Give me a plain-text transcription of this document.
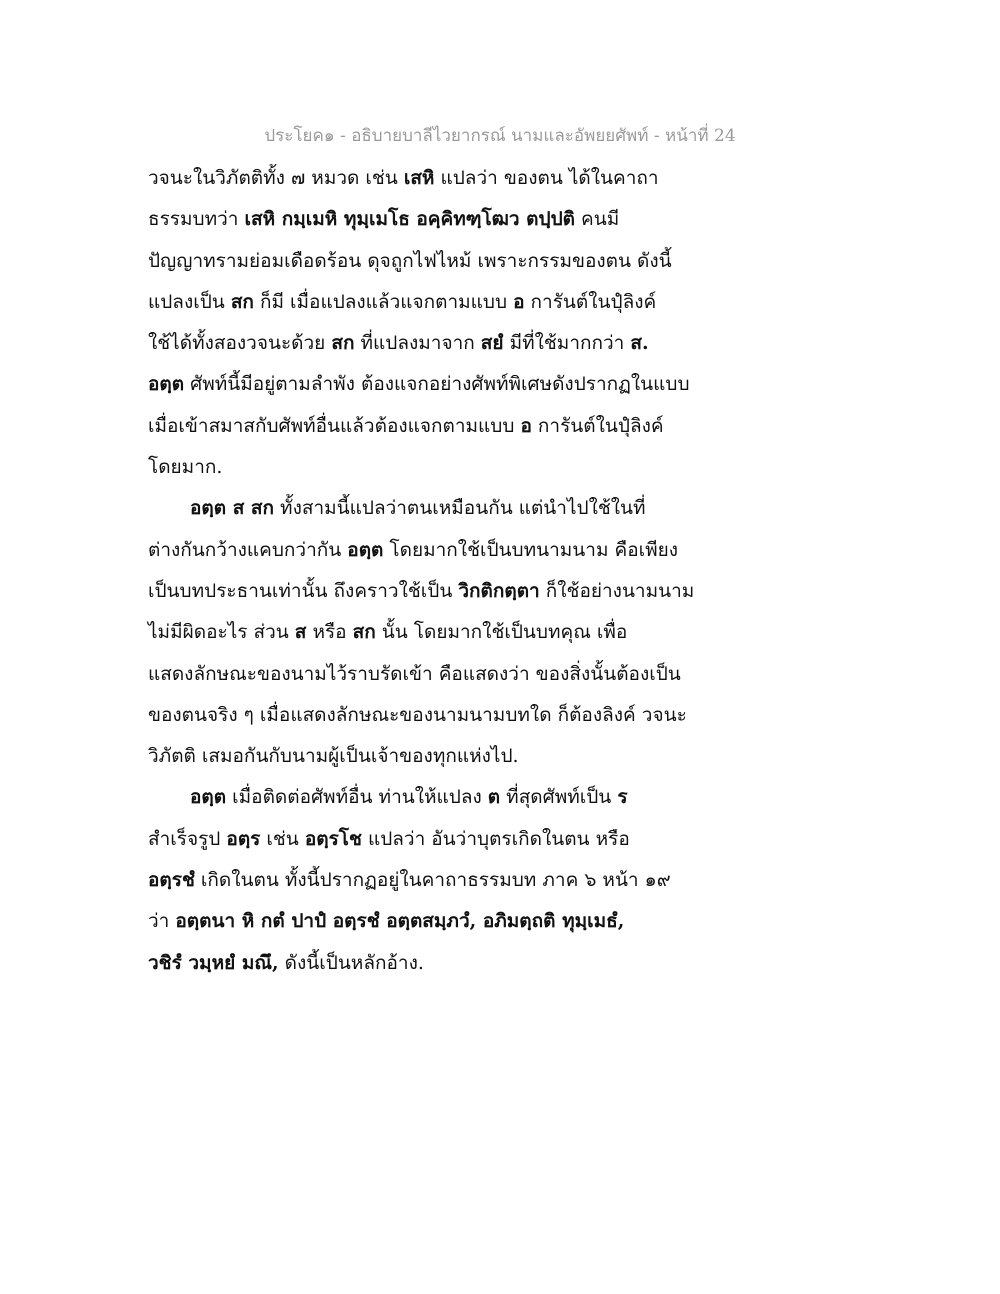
ประโยค๑ - อธิบายบาลีไวยากรณ์ นามและอัพยยศัพท์ - หน้าที่ 24
วจนะในวิภัตติทั้ง ๗ หมวด เช่น เสหิ แปลว่า ของตน ได้ในคาถา
ธรรมบทว่า เสหิ กมฺเมหิ ทุมฺเมโธ อคฺคิทฑฺโฒว ตปฺปติ คนมี
ปัญญาทรามย่อมเดือดร้อน ดุจถูกไฟไหม้ เพราะกรรมของตน ดังนี้
แปลงเป็น สก ก็มี เมื่อแปลงแล้วแจกตามแบบ อ การันต์ในปุํลิงค์
ใช้ได้ทั้งสองวจนะด้วย สก ที่แปลงมาจาก สยํ มีที่ใช้มากกว่า ส.
อตฺต ศัพท์นี้มีอยู่ตามลำพัง ต้องแจกอย่างศัพท์พิเศษดังปรากฏในแบบ
เมื่อเข้าสมาสกับศัพท์อื่นแล้วต้องแจกตามแบบ อ การันต์ในปุํลิงค์
โดยมาก.
อตฺต ส สก ทั้งสามนี้แปลว่าตนเหมือนกัน แต่นำไปใช้ในที่
ต่างกันกว้างแคบกว่ากัน อตฺต โดยมากใช้เป็นบทนามนาม คือเพียง
เป็นบทประธานเท่านั้น ถึงคราวใช้เป็น วิกติกตฺตา ก็ใช้อย่างนามนาม
ไม่มีผิดอะไร ส่วน ส หรือ สก นั้น โดยมากใช้เป็นบทคุณ เพื่อ
แสดงลักษณะของนามไว้ราบรัดเข้า คือแสดงว่า ของสิ่งนั้นต้องเป็น
ของตนจริง ๆ เมื่อแสดงลักษณะของนามนามบทใด ก็ต้องลิงค์ วจนะ
วิภัตติ เสมอกันกับนามผู้เป็นเจ้าของทุกแห่งไป.
อตฺต เมื่อติดต่อศัพท์อื่น ท่านให้แปลง ต ที่สุดศัพท์เป็น ร
สำเร็จรูป อตฺร เช่น อตฺรโช แปลว่า อันว่าบุตรเกิดในตน หรือ
อตฺรชํ เกิดในตน ทั้งนี้ปรากฏอยู่ในคาถาธรรมบท ภาค ๖ หน้า ๑๙
ว่า อตฺตนา หิ กตํ ปาปํ อตฺรชํ อตฺตสมฺภวํ, อภิมตฺถติ ทุมฺเมธํ,
วชิรํ วมฺหยํ มณึ, ดังนี้เป็นหลักอ้าง.
